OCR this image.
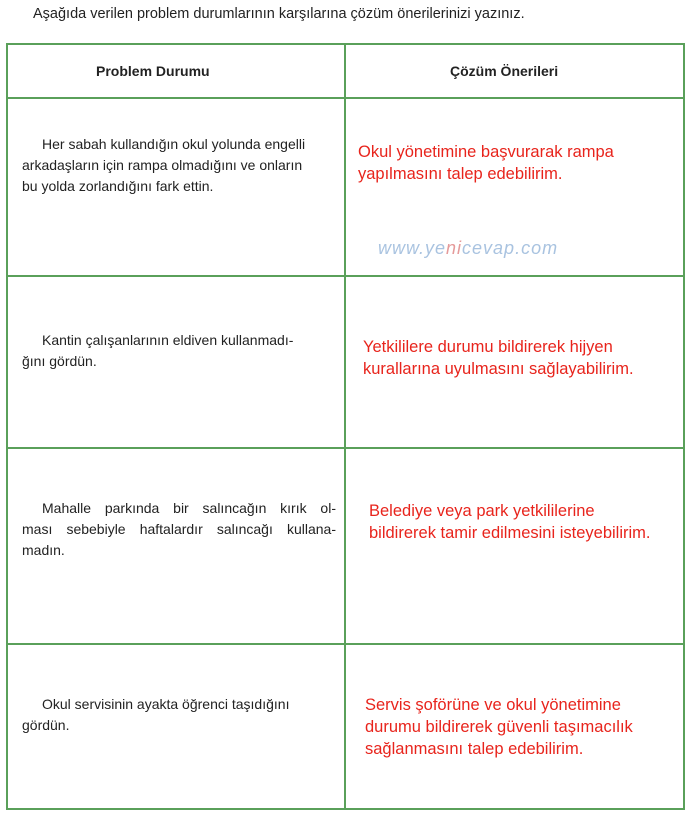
Aşağıda verilen problem durumlarının karşılarına çözüm önerilerinizi yazınız.
Problem Durumu	Çözüm Önerileri
Her sabah kullandığın okul yolunda engelli
arkadaşların için rampa olmadığını ve onların
bu yolda zorlandığını fark ettin.
Okul yönetimine başvurarak rampa
yapılmasını talep edebilirim.
Kantin çalışanlarının eldiven kullanmadı-
ğını gördün.
Yetkililere durumu bildirerek hijyen
kurallarına uyulmasını sağlayabilirim.
Mahalle parkında bir salıncağın kırık ol-
ması sebebiyle haftalardır salıncağı kullana-
madın.
Belediye veya park yetkililerine
bildirerek tamir edilmesini isteyebilirim.
Okul servisinin ayakta öğrenci taşıdığını
gördün.
Servis şoförüne ve okul yönetimine
durumu bildirerek güvenli taşımacılık
sağlanmasını talep edebilirim.
www.yenicevap.com
